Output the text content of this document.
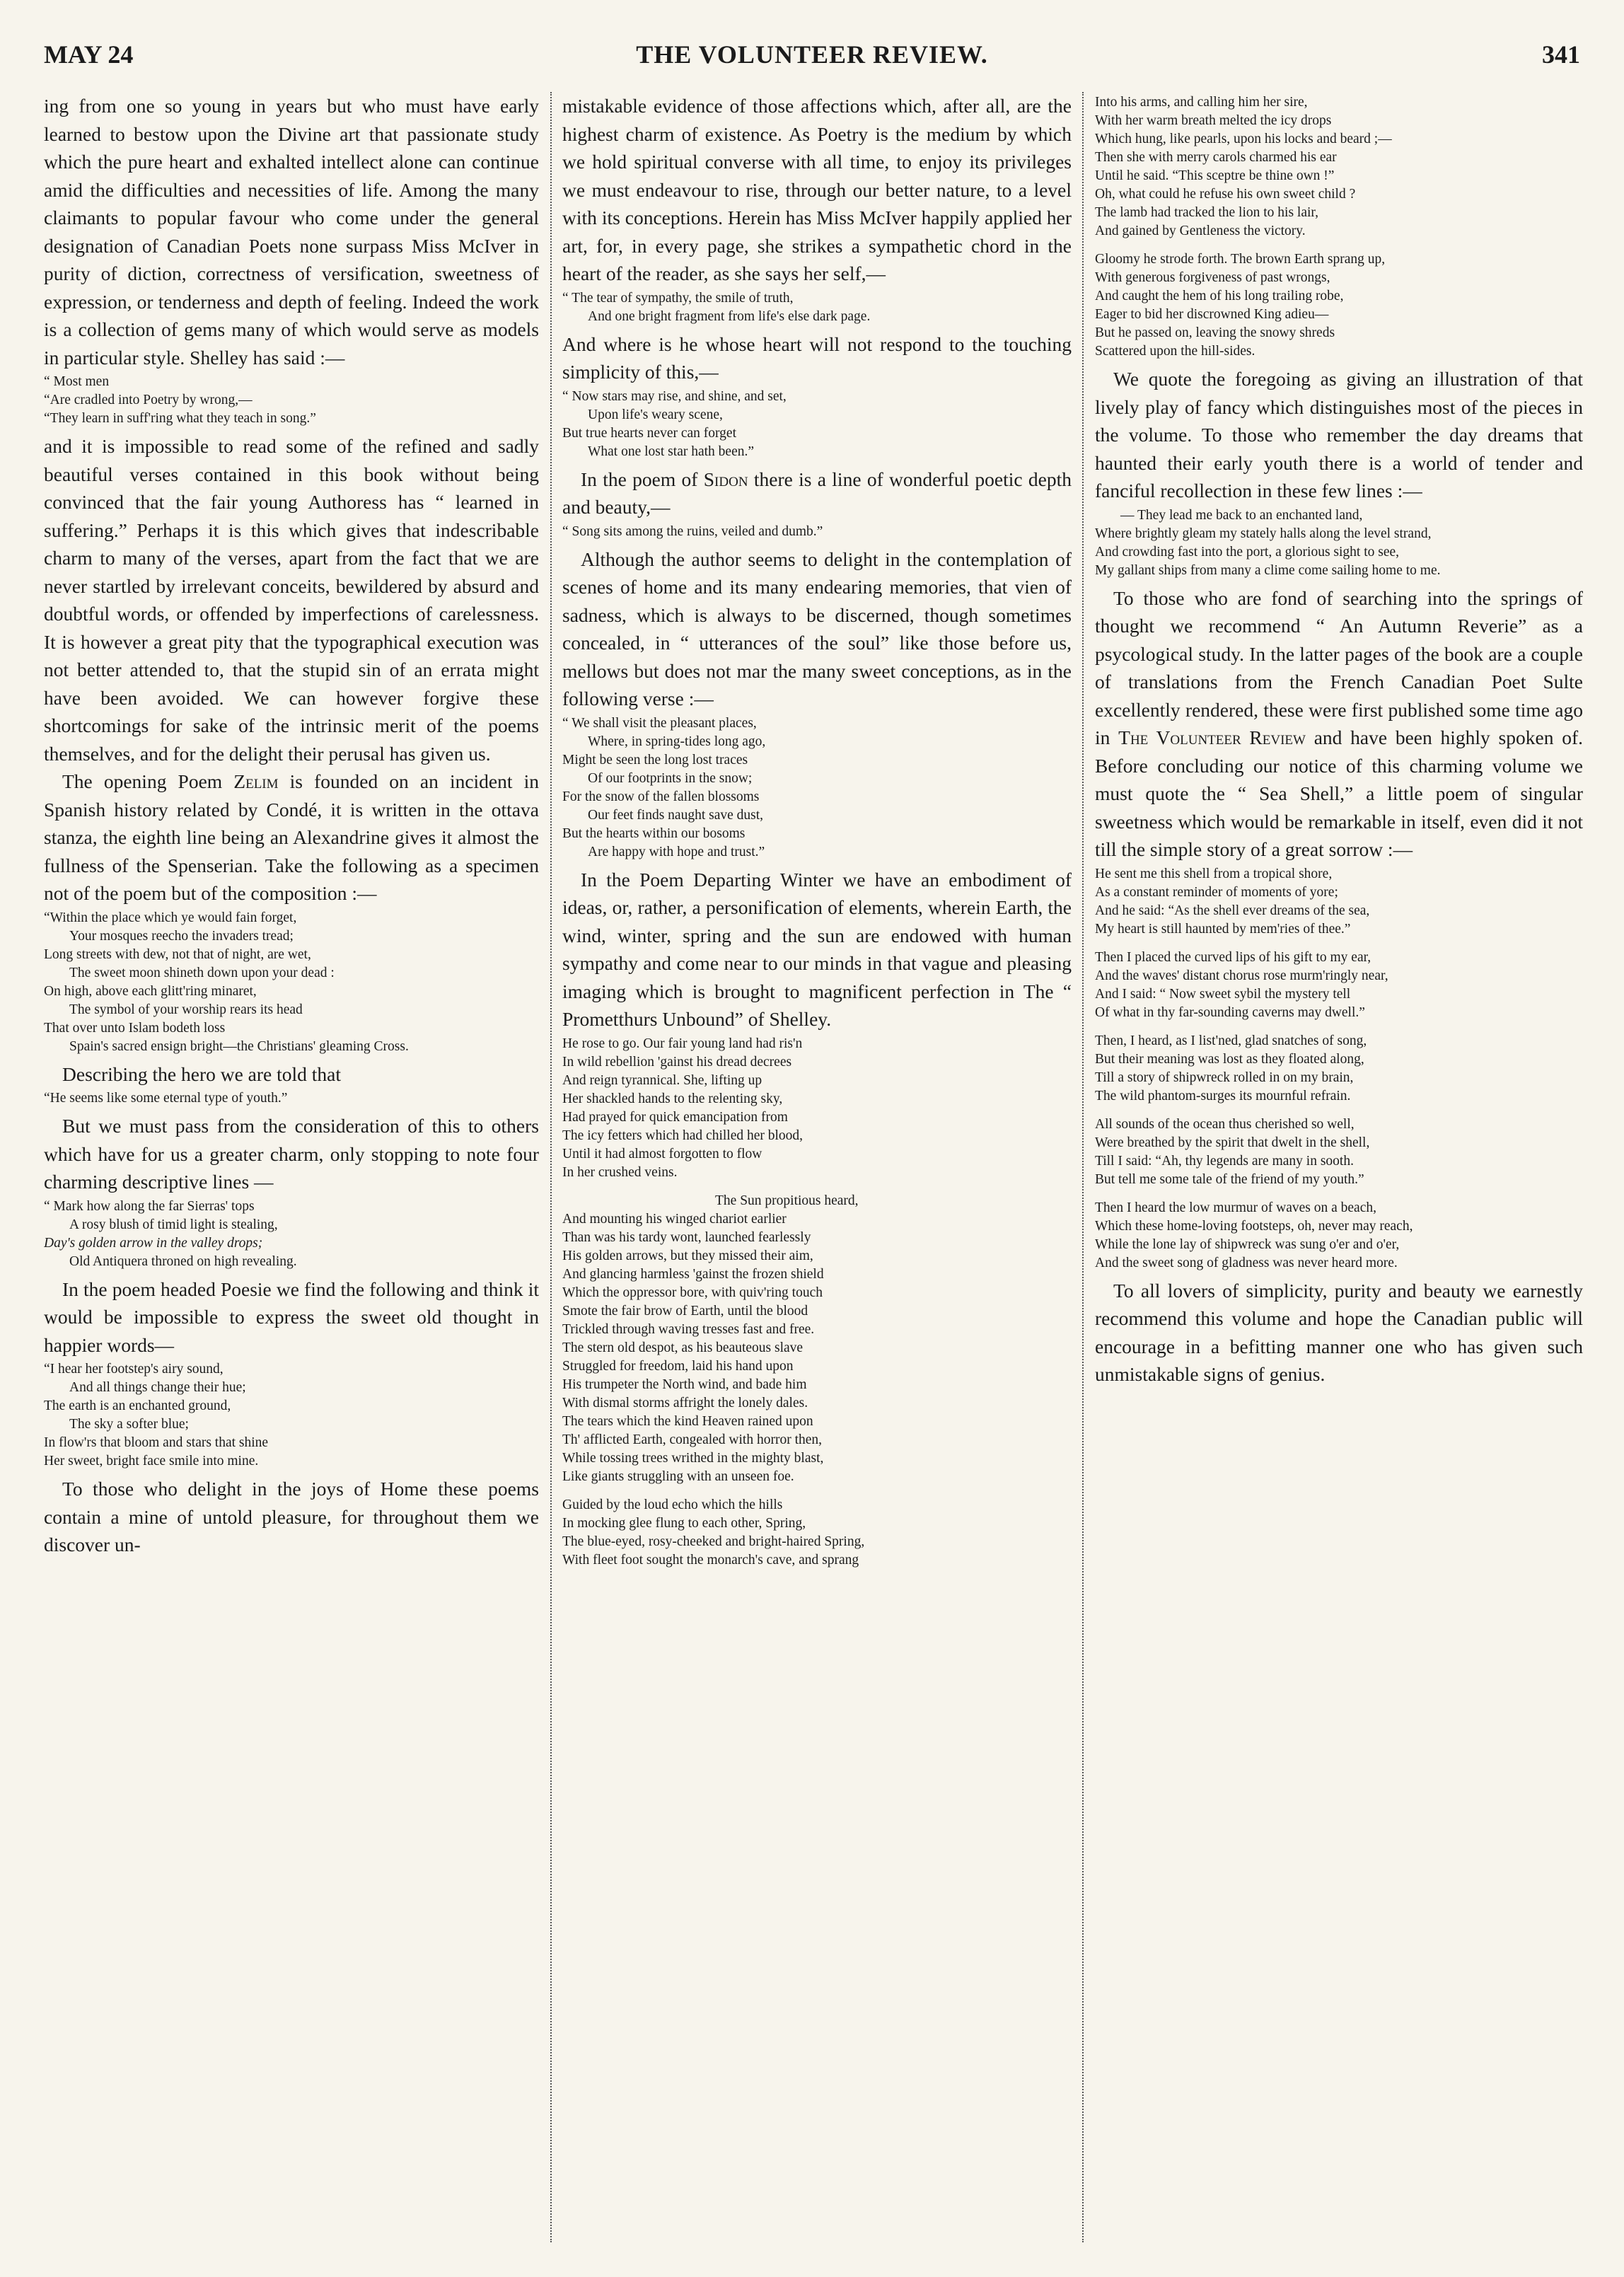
MAY 24	THE VOLUNTEER REVIEW.	341

ing from one so young in years but who must have early learned to bestow upon the Divine art that passionate study which the pure heart and exhalted intellect alone can continue amid the difficulties and necessities of life. Among the many claimants to popular favour who come under the general designation of Canadian Poets none surpass Miss McIver in purity of diction, correctness of versification, sweetness of expression, or tenderness and depth of feeling. Indeed the work is a collection of gems many of which would serve as models in particular style. Shelley has said :—

“ Most men
“Are cradled into Poetry by wrong,—
“They learn in suff'ring what they teach in song.”

and it is impossible to read some of the refined and sadly beautiful verses contained in this book without being convinced that the fair young Authoress has “ learned in suffering.” Perhaps it is this which gives that indescribable charm to many of the verses, apart from the fact that we are never startled by irrelevant conceits, bewildered by absurd and doubtful words, or offended by imperfections of carelessness. It is however a great pity that the typographical execution was not better attended to, that the stupid sin of an errata might have been avoided. We can however forgive these shortcomings for sake of the intrinsic merit of the poems themselves, and for the delight their perusal has given us.

The opening Poem Zelim is founded on an incident in Spanish history related by Condé, it is written in the ottava stanza, the eighth line being an Alexandrine gives it almost the fullness of the Spenserian. Take the following as a specimen not of the poem but of the composition :—

“Within the place which ye would fain forget,
Your mosques reecho the invaders tread;
Long streets with dew, not that of night, are wet,
The sweet moon shineth down upon your dead :
On high, above each glitt'ring minaret,
The symbol of your worship rears its head
That over unto Islam bodeth loss
Spain's sacred ensign bright—the Christians' gleaming Cross.

Describing the hero we are told that

“He seems like some eternal type of youth.”

But we must pass from the consideration of this to others which have for us a greater charm, only stopping to note four charming descriptive lines —

“ Mark how along the far Sierras' tops
A rosy blush of timid light is stealing,
Day's golden arrow in the valley drops;
Old Antiquera throned on high revealing.

In the poem headed Poesie we find the following and think it would be impossible to express the sweet old thought in happier words—

“I hear her footstep's airy sound,
And all things change their hue;
The earth is an enchanted ground,
The sky a softer blue;
In flow'rs that bloom and stars that shine
Her sweet, bright face smile into mine.

To those who delight in the joys of Home these poems contain a mine of untold pleasure, for throughout them we discover un-

mistakable evidence of those affections which, after all, are the highest charm of existence. As Poetry is the medium by which we hold spiritual converse with all time, to enjoy its privileges we must endeavour to rise, through our better nature, to a level with its conceptions. Herein has Miss McIver happily applied her art, for, in every page, she strikes a sympathetic chord in the heart of the reader, as she says her self,—

“ The tear of sympathy, the smile of truth,
And one bright fragment from life's else dark page.

And where is he whose heart will not respond to the touching simplicity of this,—

“ Now stars may rise, and shine, and set,
Upon life's weary scene,
But true hearts never can forget
What one lost star hath been.”

In the poem of Sidon there is a line of wonderful poetic depth and beauty,—

“ Song sits among the ruins, veiled and dumb.”

Although the author seems to delight in the contemplation of scenes of home and its many endearing memories, that vien of sadness, which is always to be discerned, though sometimes concealed, in “ utterances of the soul” like those before us, mellows but does not mar the many sweet conceptions, as in the following verse :—

“ We shall visit the pleasant places,
Where, in spring-tides long ago,
Might be seen the long lost traces
Of our footprints in the snow;
For the snow of the fallen blossoms
Our feet finds naught save dust,
But the hearts within our bosoms
Are happy with hope and trust.”

In the Poem Departing Winter we have an embodiment of ideas, or, rather, a personification of elements, wherein Earth, the wind, winter, spring and the sun are endowed with human sympathy and come near to our minds in that vague and pleasing imaging which is brought to magnificent perfection in The “ Prometthurs Unbound” of Shelley.

He rose to go. Our fair young land had ris'n
In wild rebellion 'gainst his dread decrees
And reign tyrannical. She, lifting up
Her shackled hands to the relenting sky,
Had prayed for quick emancipation from
The icy fetters which had chilled her blood,
Until it had almost forgotten to flow
In her crushed veins.
The Sun propitious heard,
And mounting his winged chariot earlier
Than was his tardy wont, launched fearlessly
His golden arrows, but they missed their aim,
And glancing harmless 'gainst the frozen shield
Which the oppressor bore, with quiv'ring touch
Smote the fair brow of Earth, until the blood
Trickled through waving tresses fast and free.
The stern old despot, as his beauteous slave
Struggled for freedom, laid his hand upon
His trumpeter the North wind, and bade him
With dismal storms affright the lonely dales.
The tears which the kind Heaven rained upon
Th' afflicted Earth, congealed with horror then,
While tossing trees writhed in the mighty blast,
Like giants struggling with an unseen foe.
Guided by the loud echo which the hills
In mocking glee flung to each other, Spring,
The blue-eyed, rosy-cheeked and bright-haired Spring,
With fleet foot sought the monarch's cave, and sprang
Into his arms, and calling him her sire,
With her warm breath melted the icy drops
Which hung, like pearls, upon his locks and beard ;—
Then she with merry carols charmed his ear
Until he said. “This sceptre be thine own !”
Oh, what could he refuse his own sweet child ?
The lamb had tracked the lion to his lair,
And gained by Gentleness the victory.
Gloomy he strode forth. The brown Earth sprang up,
With generous forgiveness of past wrongs,
And caught the hem of his long trailing robe,
Eager to bid her discrowned King adieu—
But he passed on, leaving the snowy shreds
Scattered upon the hill-sides.

We quote the foregoing as giving an illustration of that lively play of fancy which distinguishes most of the pieces in the volume. To those who remember the day dreams that haunted their early youth there is a world of tender and fanciful recollection in these few lines :—

— They lead me back to an enchanted land,
Where brightly gleam my stately halls along the level strand,
And crowding fast into the port, a glorious sight to see,
My gallant ships from many a clime come sailing home to me.

To those who are fond of searching into the springs of thought we recommend “ An Autumn Reverie” as a psycological study. In the latter pages of the book are a couple of translations from the French Canadian Poet Sulte excellently rendered, these were first published some time ago in The Volunteer Review and have been highly spoken of. Before concluding our notice of this charming volume we must quote the “ Sea Shell,” a little poem of singular sweetness which would be remarkable in itself, even did it not till the simple story of a great sorrow :—

He sent me this shell from a tropical shore,
As a constant reminder of moments of yore;
And he said: “As the shell ever dreams of the sea,
My heart is still haunted by mem'ries of thee.”
Then I placed the curved lips of his gift to my ear,
And the waves' distant chorus rose murm'ringly near,
And I said: “ Now sweet sybil the mystery tell
Of what in thy far-sounding caverns may dwell.”
Then, I heard, as I list'ned, glad snatches of song,
But their meaning was lost as they floated along,
Till a story of shipwreck rolled in on my brain,
The wild phantom-surges its mournful refrain.
All sounds of the ocean thus cherished so well,
Were breathed by the spirit that dwelt in the shell,
Till I said: “Ah, thy legends are many in sooth.
But tell me some tale of the friend of my youth.”
Then I heard the low murmur of waves on a beach,
Which these home-loving footsteps, oh, never may reach,
While the lone lay of shipwreck was sung o'er and o'er,
And the sweet song of gladness was never heard more.

To all lovers of simplicity, purity and beauty we earnestly recommend this volume and hope the Canadian public will encourage in a befitting manner one who has given such unmistakable signs of genius.
